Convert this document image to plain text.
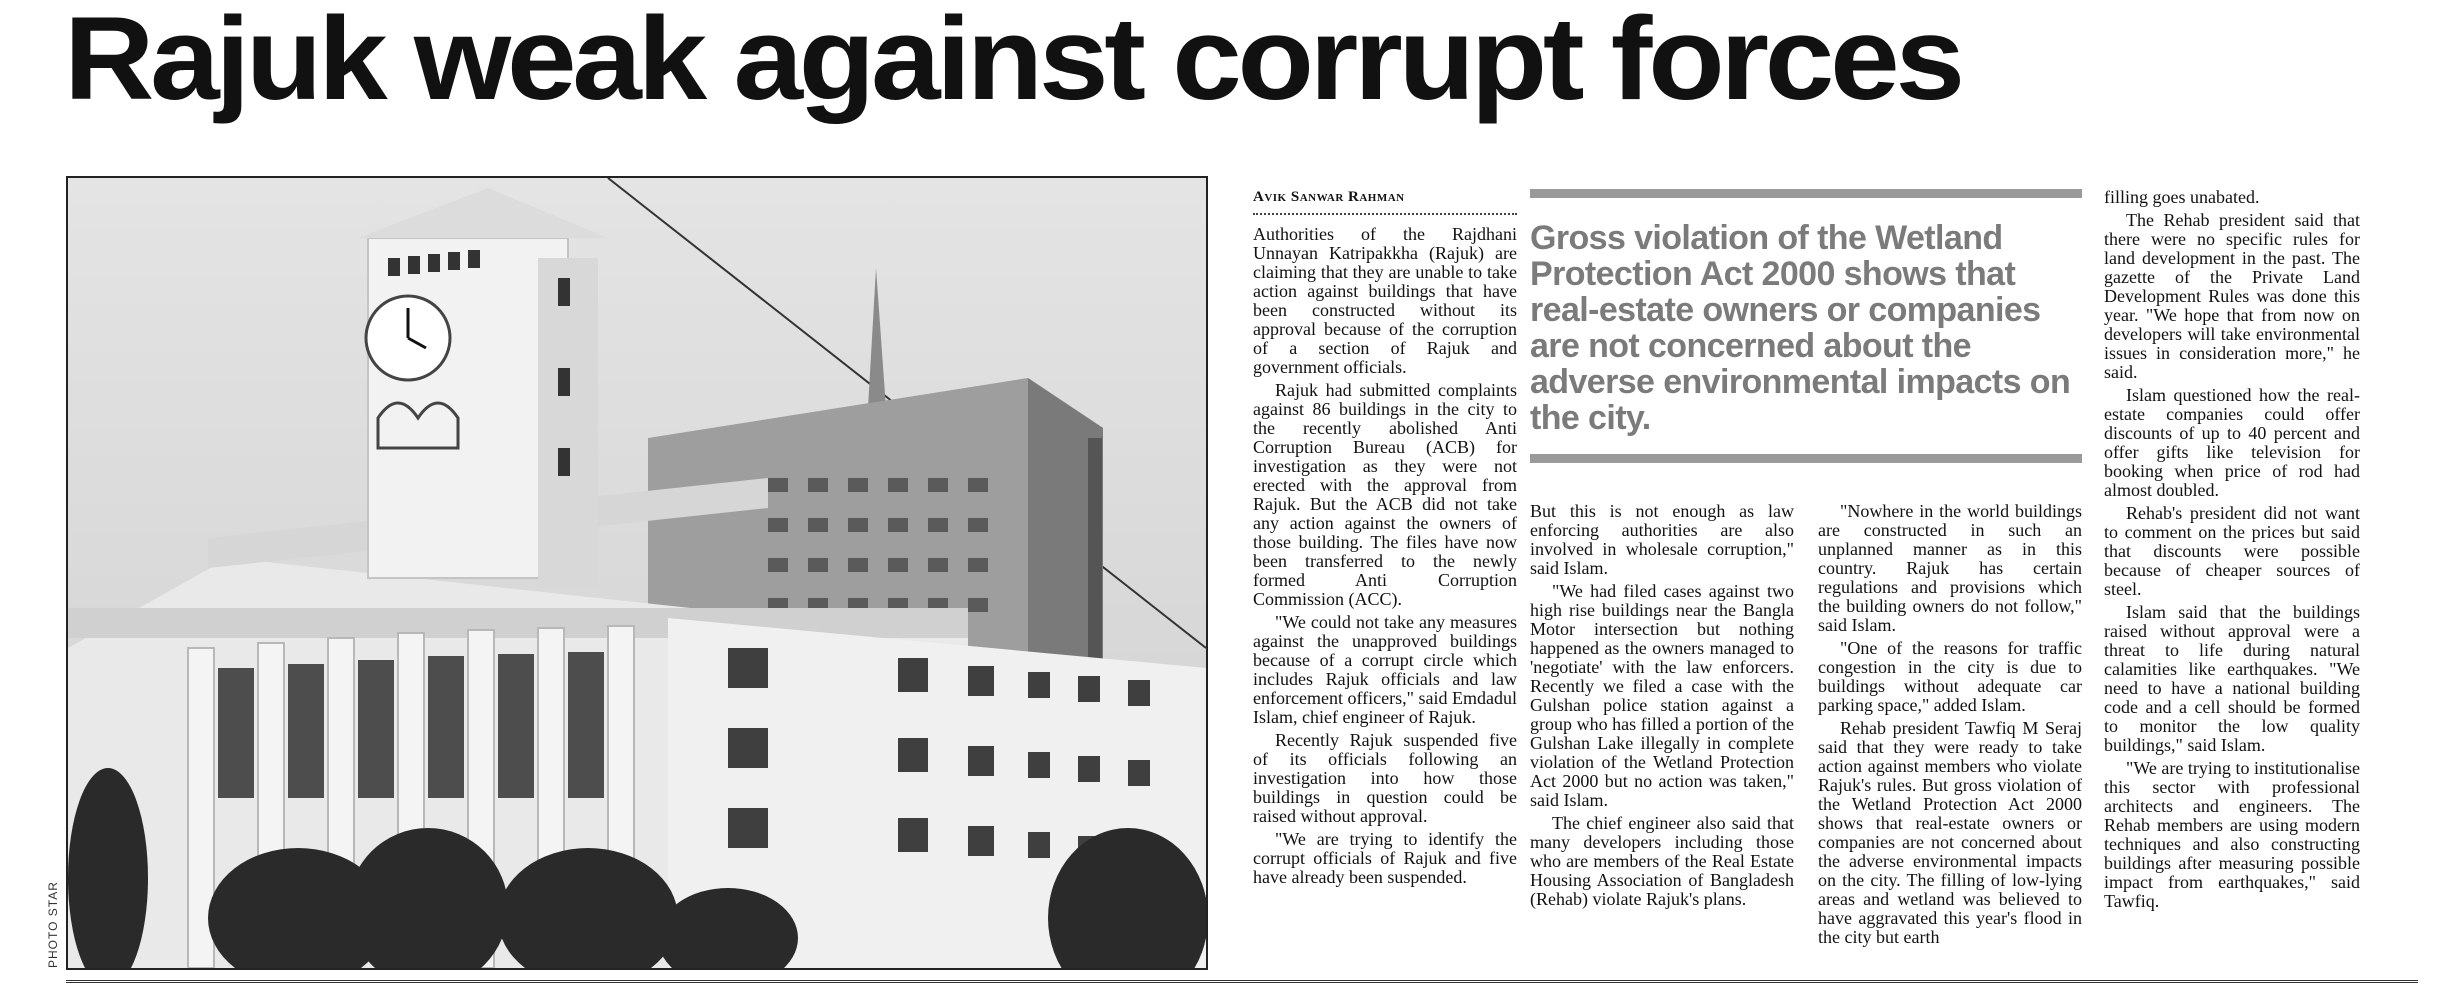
Rajuk weak against corrupt forces
PHOTO STAR
Avik Sanwar Rahman

Authorities of the Rajdhani Unnayan Katripakkha (Rajuk) are claiming that they are unable to take action against buildings that have been constructed without its approval because of the corruption of a section of Rajuk and government officials.

Rajuk had submitted complaints against 86 buildings in the city to the recently abolished Anti Corruption Bureau (ACB) for investigation as they were not erected with the approval from Rajuk. But the ACB did not take any action against the owners of those building. The files have now been transferred to the newly formed Anti Corruption Commission (ACC).

"We could not take any measures against the unapproved buildings because of a corrupt circle which includes Rajuk officials and law enforcement officers," said Emdadul Islam, chief engineer of Rajuk.

Recently Rajuk suspended five of its officials following an investigation into how those buildings in question could be raised without approval.

"We are trying to identify the corrupt officials of Rajuk and five have already been suspended.

Gross violation of the Wetland Protection Act 2000 shows that real-estate owners or companies are not concerned about the adverse environmental impacts on the city.

But this is not enough as law enforcing authorities are also involved in wholesale corruption," said Islam.

"We had filed cases against two high rise buildings near the Bangla Motor intersection but nothing happened as the owners managed to 'negotiate' with the law enforcers. Recently we filed a case with the Gulshan police station against a group who has filled a portion of the Gulshan Lake illegally in complete violation of the Wetland Protection Act 2000 but no action was taken," said Islam.

The chief engineer also said that many developers including those who are members of the Real Estate Housing Association of Bangladesh (Rehab) violate Rajuk's plans.

"Nowhere in the world buildings are constructed in such an unplanned manner as in this country. Rajuk has certain regulations and provisions which the building owners do not follow," said Islam.

"One of the reasons for traffic congestion in the city is due to buildings without adequate car parking space," added Islam.

Rehab president Tawfiq M Seraj said that they were ready to take action against members who violate Rajuk's rules. But gross violation of the Wetland Protection Act 2000 shows that real-estate owners or companies are not concerned about the adverse environmental impacts on the city. The filling of low-lying areas and wetland was believed to have aggravated this year's flood in the city but earth

filling goes unabated.

The Rehab president said that there were no specific rules for land development in the past. The gazette of the Private Land Development Rules was done this year. "We hope that from now on developers will take environmental issues in consideration more," he said.

Islam questioned how the real-estate companies could offer discounts of up to 40 percent and offer gifts like television for booking when price of rod had almost doubled.

Rehab's president did not want to comment on the prices but said that discounts were possible because of cheaper sources of steel.

Islam said that the buildings raised without approval were a threat to life during natural calamities like earthquakes. "We need to have a national building code and a cell should be formed to monitor the low quality buildings," said Islam.

"We are trying to institutionalise this sector with professional architects and engineers. The Rehab members are using modern techniques and also constructing buildings after measuring possible impact from earthquakes," said Tawfiq.
